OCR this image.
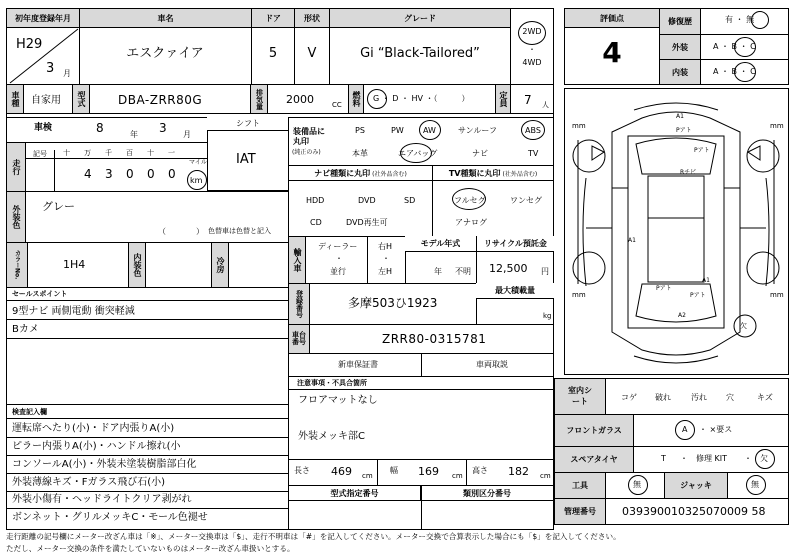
初年度登録年月	車名	ドア	形状	グレード
H29
3 月
エスクァイア	5 V	Gi “Black-Tailored”
2WD
・
4WD
車種 自家用 型式	DBA-ZRR80G	排気量 2000	CC 燃料 G ・ D ・ HV ・（　　　）	定員 7 人
車検	8	年 3 月
シフト
IAT
走行
記号 十 万 千 百 十 一
マイル
4 3 0 0 0 km
外装色 グレー
（	） 色替車は色替と記入
カラーNo.	1H4	内装色	冷房
セールスポイント
9型ナビ 両側電動 衝突軽減
Bカメ
検査記入欄
運転席へたり(小)・ドア内張りA(小)
ピラー内張りA(小)・ハンドル擦れ(小
コンソールA(小)・外装未塗装樹脂部白化
外装薄線キズ・Fガラス飛び石(小)
外装小傷有・ヘッドライトクリア剥がれ
ボンネット・グリルメッキC・モール色褪せ
装備品に丸印
(純正のみ)
PS	PW AW	サンルーフ	ABS
本革	エアバッグ	ナビ	TV
ナビ種類に丸印 (社外品含む)
HDD	DVD	SD
CD	DVD再生可
TV種類に丸印 (社外品含む)
フルセグ	ワンセグ
アナログ
輸入車
ディーラー
・
並行
右H
・
左H
モデル年式
年 不明
リサイクル預託金
12,500 円
登録番号	多摩503ひ1923
最大積載量
kg
車台番号	ZRR80-0315781
新車保証書	車両取説
注意事項・不具合箇所
フロアマットなし
外装メッキ部C
長さ 469 cm
幅 169 cm
高さ 182 cm
型式指定番号	類別区分番号
評価点
4
修復歴	有 ・ 無
外装	A ・ B ・ C
内装	A ・ B ・ C
mm	mm
mm	mm
A1
Pアト
Pアト
Rチビ
A1
A1
Pアト
Pアト
A2
欠
室内シート	コゲ 破れ	汚れ 穴	キズ
フロントガラス	A ・ ×要ス
スペアタイヤ	T ・ 修理 KIT ・ 欠
工具	無	ジャッキ	無
管理番号 039390010325070009 58
走行距離の記号欄にメーター改ざん車は「※」、メーター交換車は「$」、走行不明車は「#」を記入してください。メーター交換で合算表示した場合にも「$」を記入してください。
ただし、メーター交換の条件を満たしていないものはメーター改ざん車扱いとする。
